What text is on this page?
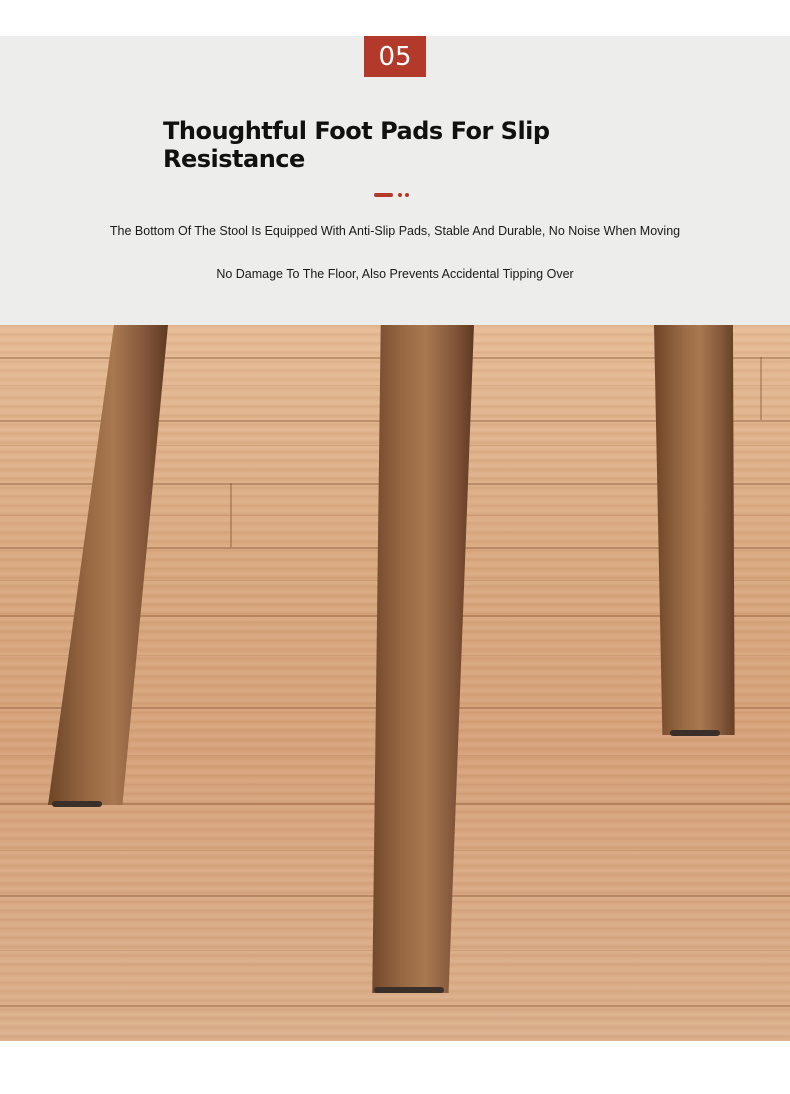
05
Thoughtful Foot Pads For Slip Resistance
The Bottom Of The Stool Is Equipped With Anti-Slip Pads, Stable And Durable, No Noise When Moving
No Damage To The Floor, Also Prevents Accidental Tipping Over
